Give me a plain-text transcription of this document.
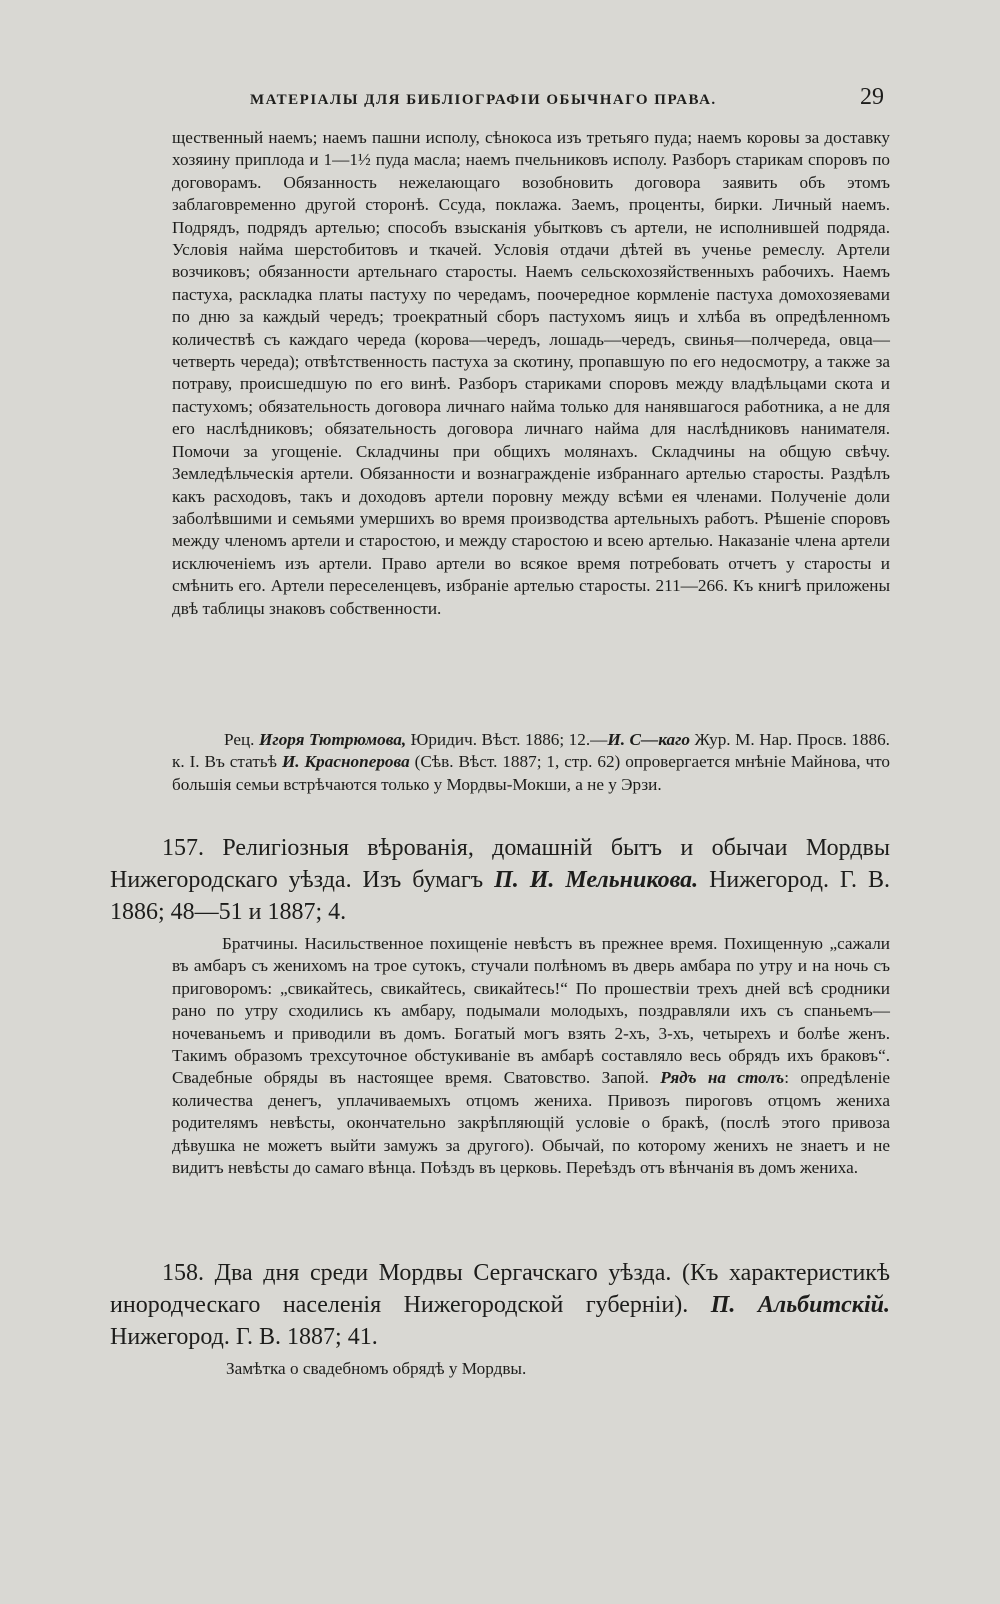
МАТЕРІАЛЫ ДЛЯ БИБЛІОГРАФІИ ОБЫЧНАГО ПРАВА.	29

щественный наемъ; наемъ пашни исполу, сѣнокоса изъ третьяго пуда; наемъ коровы за доставку хозяину приплода и 1—1½ пуда масла; наемъ пчельниковъ исполу. Разборъ старикам спорoвъ по договорамъ. Обязанность нежелающаго возобновить договора заявить объ этомъ заблаговременно другой сторонѣ. Ссуда, поклажа. Заемъ, проценты, бирки. Личный наемъ. Подрядъ, подрядъ артелью; способъ взысканія убытковъ съ артели, не исполнившей подряда. Условія найма шерстобитовъ и ткачей. Условія отдачи дѣтей въ ученье ремеслу. Артели возчиковъ; обязанности артельнаго старосты. Наемъ сельскохозяйственныхъ рабочихъ. Наемъ пастуха, раскладка платы пастуху по чередамъ, поочередное кормленіе пастуха домохозяевами по дню за каждый чередъ; троекратный сборъ пастухомъ яицъ и хлѣба въ опредѣленномъ количествѣ съ каждаго череда (корова—чередъ, лошадь—чередъ, свинья—полчереда, овца—четверть череда); отвѣтственность пастуха за скотину, пропавшую по его недосмотру, а также за потраву, происшедшую по его винѣ. Разборъ стариками споровъ между владѣльцами скота и пастухомъ; обязательность договора личнаго найма только для нанявшагося работника, а не для его наслѣдниковъ; обязательность договора личнаго найма для наслѣдниковъ нанимателя. Помочи за угощеніе. Складчины при общихъ молянахъ. Складчины на общую свѣчу. Земледѣльческія артели. Обязанности и вознагражденіе избраннаго артелью старосты. Раздѣлъ какъ расходовъ, такъ и доходовъ артели поровну между всѣми ея членами. Полученіе доли заболѣвшими и семьями умершихъ во время производства артельныхъ работъ. Рѣшеніе споровъ между членомъ артели и старостою, и между старостою и всею артелью. Наказаніе члена артели исключеніемъ изъ артели. Право артели во всякое время потребовать отчетъ у старосты и смѣнить его. Артели переселенцевъ, избраніе артелью старосты. 211—266. Къ книгѣ приложены двѣ таблицы знаковъ собственности.

Рец. Игоря Тютрюмова, Юридич. Вѣст. 1886; 12.—И. С—каго Жур. М. Нар. Просв. 1886. к. I. Въ статьѣ И. Краснoперова (Сѣв. Вѣст. 1887; 1, стр. 62) опровергается мнѣніе Майнова, что большія семьи встрѣчаются только у Мордвы-Мокши, а не у Эрзи.

157. Религіозныя вѣрованія, домашній бытъ и обычаи Мордвы Нижегородскаго уѣзда. Изъ бумагъ П. И. Мельникова. Нижегород. Г. В. 1886; 48—51 и 1887; 4.

Братчины. Насильственное похищеніе невѣстъ въ прежнее время. Похищенную „сажали въ амбаръ съ женихомъ на трое сутокъ, стучали полѣномъ въ дверь амбара по утру и на ночь съ приговоромъ: „свикайтесь, свикайтесь, свикайтесь!“ По прошествіи трехъ дней всѣ сродники рано по утру сходились къ амбару, подымали молодыхъ, поздравляли ихъ съ спаньемъ—ночеваньемъ и приводили въ домъ. Богатый могъ взять 2-хъ, 3-хъ, четырехъ и болѣе женъ. Такимъ образомъ трехсуточное обстукиваніе въ амбарѣ составляло весь обрядъ ихъ браковъ“. Свадебные обряды въ настоящее время. Сватовство. Запой. Рядъ на столъ: опредѣленіе количества денегъ, уплачиваемыхъ отцомъ жениха. Привозъ пироговъ отцомъ жениха родителямъ невѣсты, окончательно закрѣпляющій условіе о бракѣ, (послѣ этого привоза дѣвушка не можетъ выйти замужъ за другого). Обычай, по которому женихъ не знаетъ и не видитъ невѣсты до самаго вѣнца. Поѣздъ въ церковь. Переѣздъ отъ вѣнчанія въ домъ жениха.

158. Два дня среди Мордвы Сергачскаго уѣзда. (Къ характеристикѣ инородческаго населенія Нижегородской губерніи). П. Альбитскій. Нижегород. Г. В. 1887; 41.

Замѣтка о свадебномъ обрядѣ у Мордвы.
